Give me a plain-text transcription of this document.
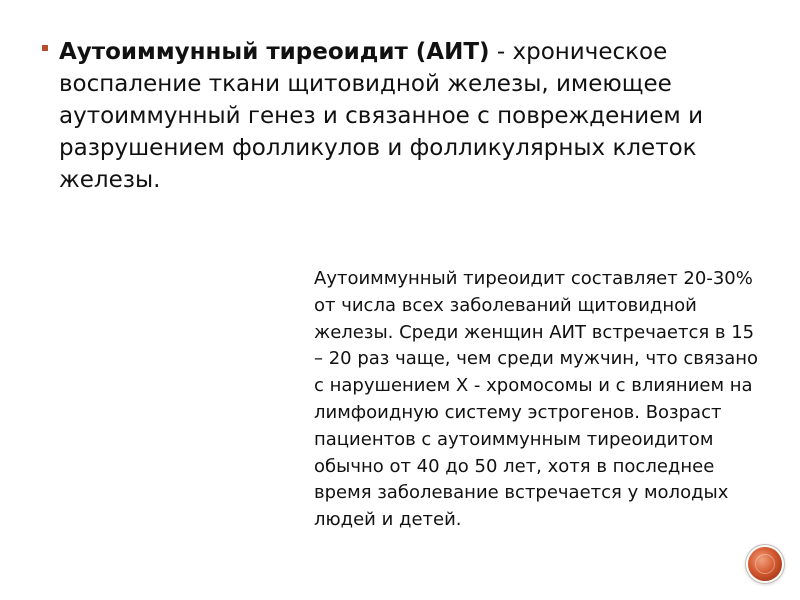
Аутоиммунный тиреоидит (АИТ) - хроническое воспаление ткани щитовидной железы, имеющее аутоиммунный генез и связанное с повреждением и разрушением фолликулов и фолликулярных клеток железы.

Аутоиммунный тиреоидит составляет 20-30% от числа всех заболеваний щитовидной железы. Среди женщин АИТ встречается в 15 – 20 раз чаще, чем среди мужчин, что связано с нарушением Х - хромосомы и с влиянием на лимфоидную систему эстрогенов. Возраст пациентов с аутоиммунным тиреоидитом обычно от 40 до 50 лет, хотя в последнее время заболевание встречается у молодых людей и детей.
